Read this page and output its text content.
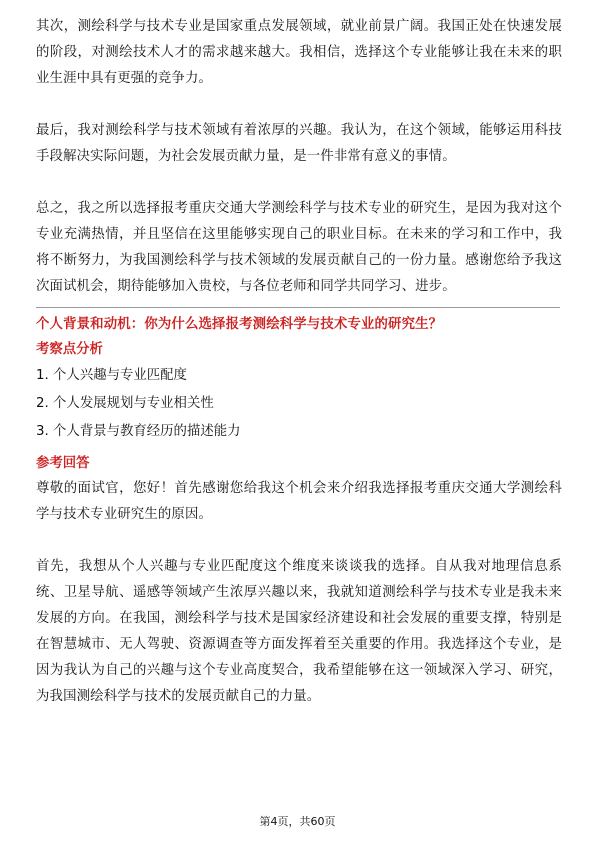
其次，测绘科学与技术专业是国家重点发展领域，就业前景广阔。我国正处在快速发展的阶段，对测绘技术人才的需求越来越大。我相信，选择这个专业能够让我在未来的职业生涯中具有更强的竞争力。

最后，我对测绘科学与技术领域有着浓厚的兴趣。我认为，在这个领域，能够运用科技手段解决实际问题，为社会发展贡献力量，是一件非常有意义的事情。

总之，我之所以选择报考重庆交通大学测绘科学与技术专业的研究生，是因为我对这个专业充满热情，并且坚信在这里能够实现自己的职业目标。在未来的学习和工作中，我将不断努力，为我国测绘科学与技术领域的发展贡献自己的一份力量。感谢您给予我这次面试机会，期待能够加入贵校，与各位老师和同学共同学习、进步。

个人背景和动机：你为什么选择报考测绘科学与技术专业的研究生？

考察点分析

1. 个人兴趣与专业匹配度
2. 个人发展规划与专业相关性
3. 个人背景与教育经历的描述能力

参考回答

尊敬的面试官，您好！首先感谢您给我这个机会来介绍我选择报考重庆交通大学测绘科学与技术专业研究生的原因。

首先，我想从个人兴趣与专业匹配度这个维度来谈谈我的选择。自从我对地理信息系统、卫星导航、遥感等领域产生浓厚兴趣以来，我就知道测绘科学与技术专业是我未来发展的方向。在我国，测绘科学与技术是国家经济建设和社会发展的重要支撑，特别是在智慧城市、无人驾驶、资源调查等方面发挥着至关重要的作用。我选择这个专业，是因为我认为自己的兴趣与这个专业高度契合，我希望能够在这一领域深入学习、研究，为我国测绘科学与技术的发展贡献自己的力量。

第4页，共60页
